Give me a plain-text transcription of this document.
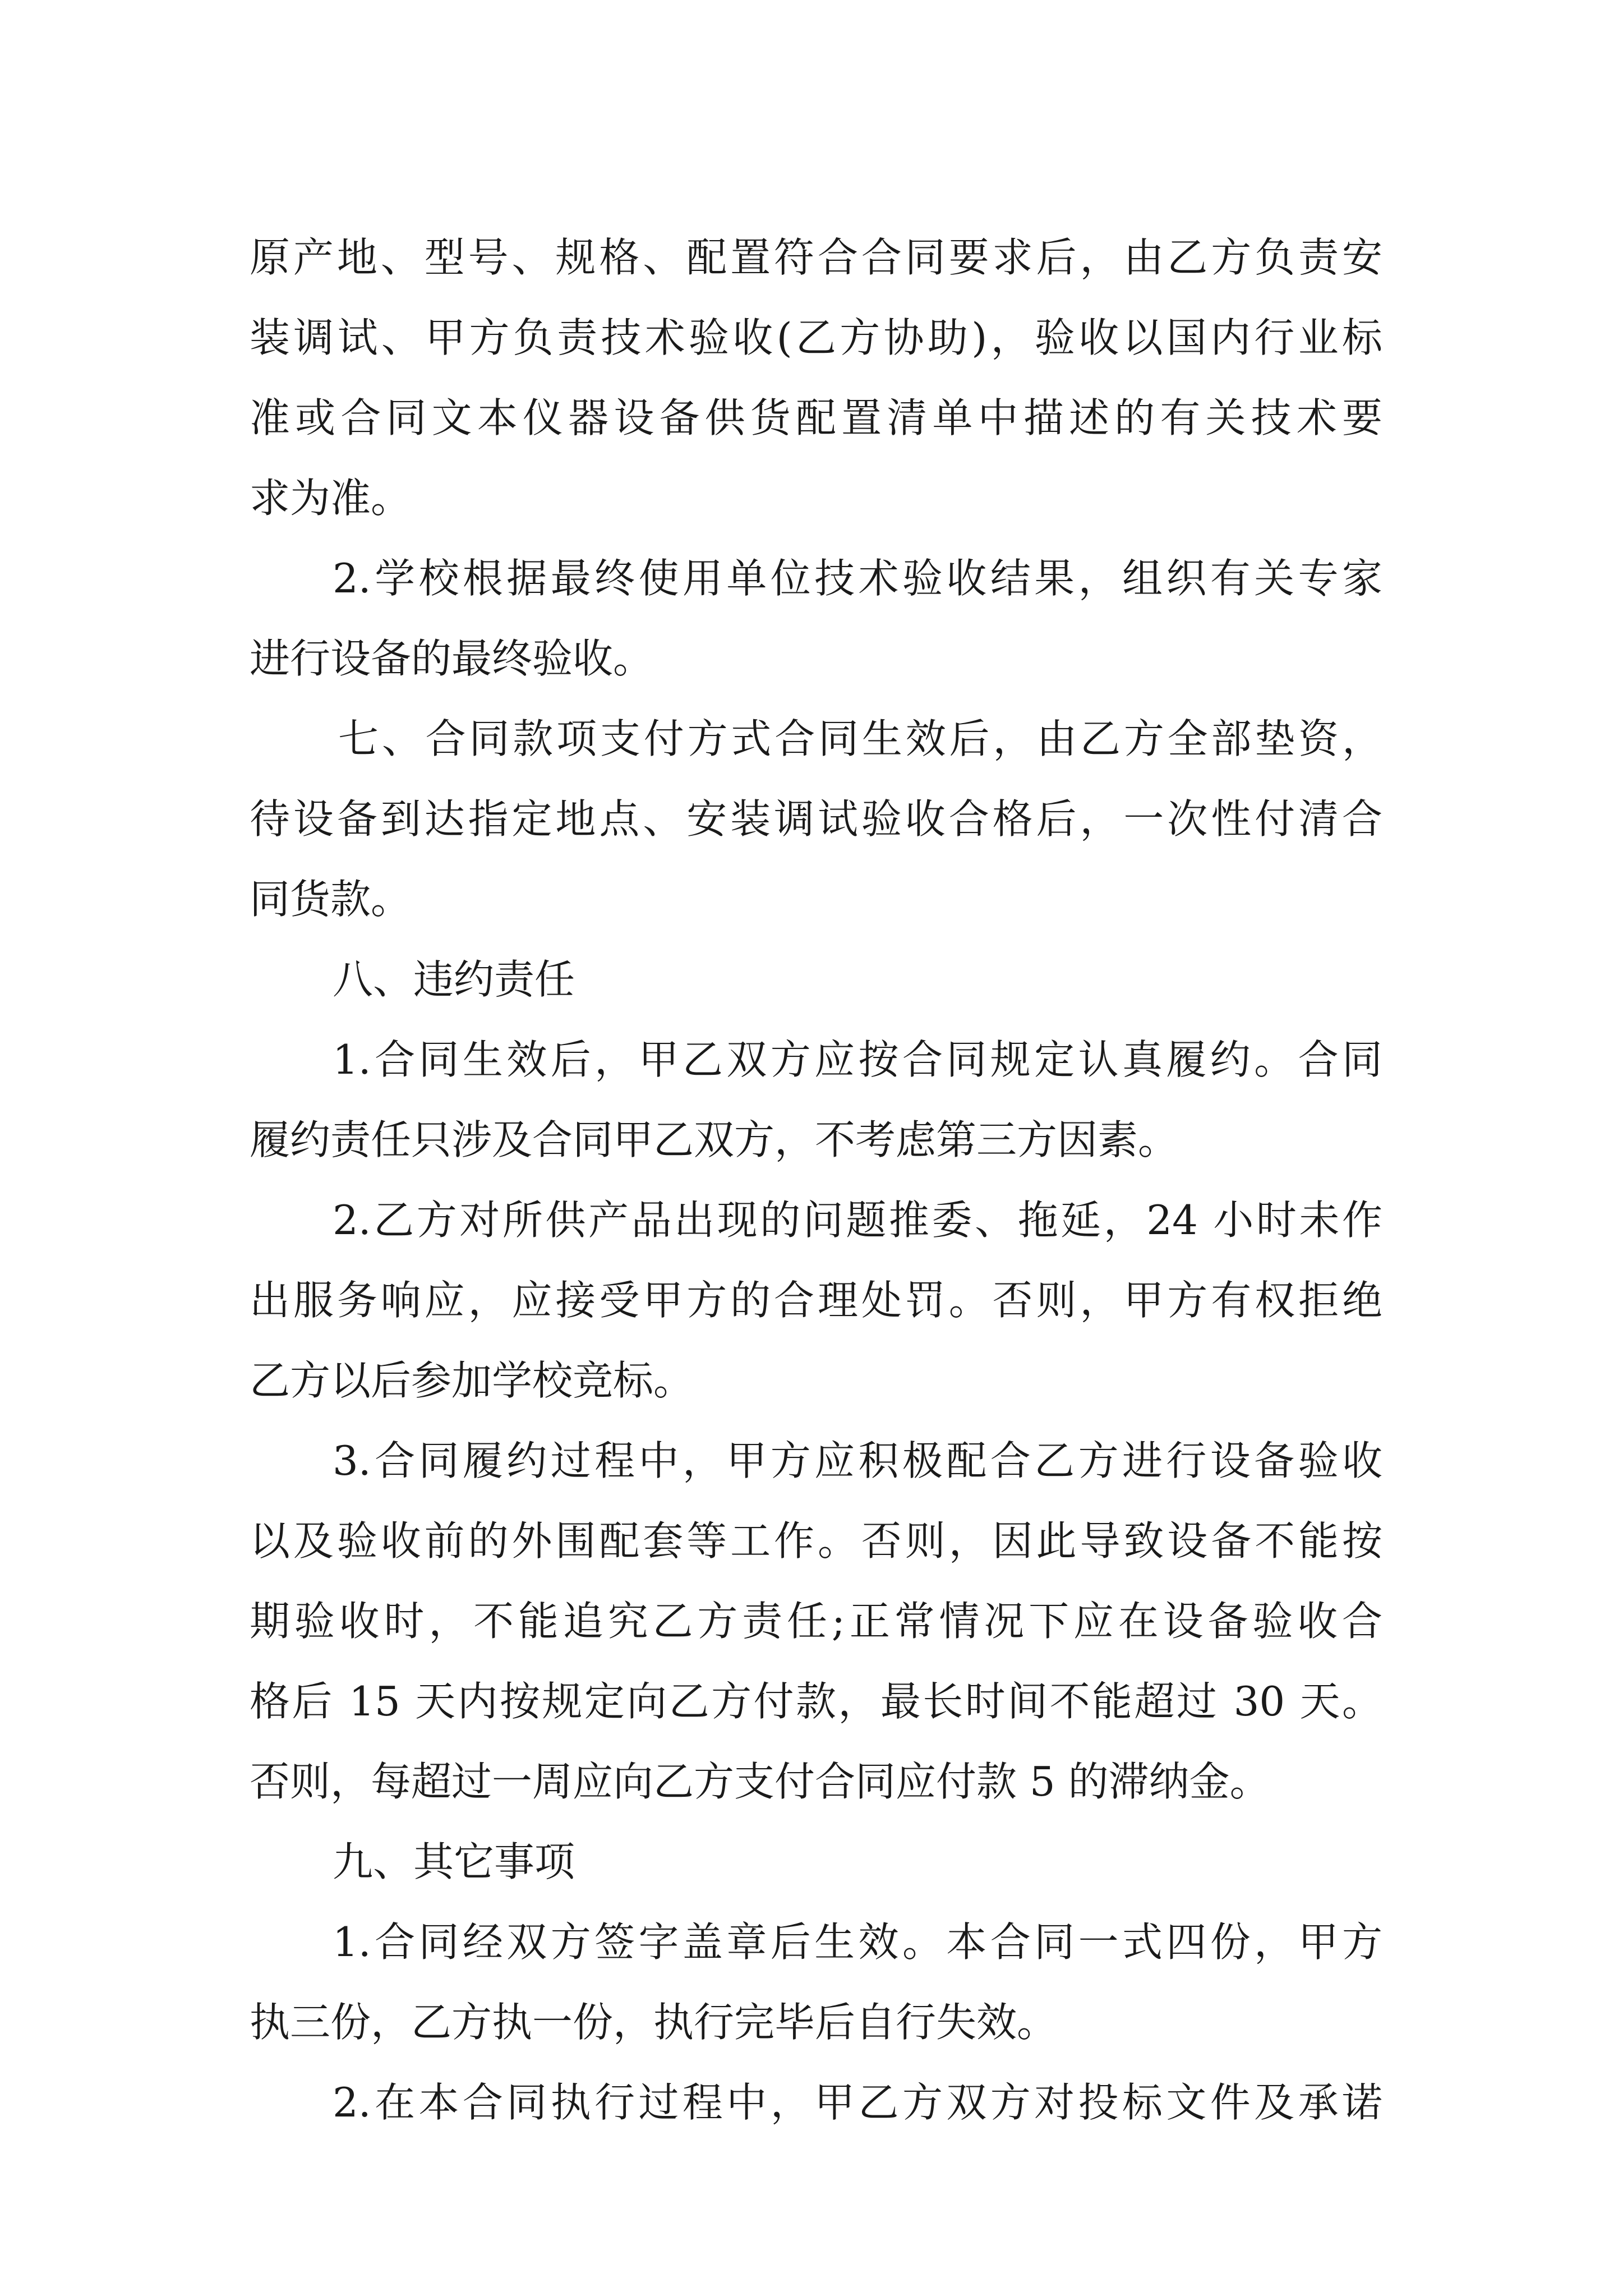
原产地、型号、规格、配置符合合同要求后，由乙方负责安
装调试、甲方负责技术验收(乙方协助)，验收以国内行业标
准或合同文本仪器设备供货配置清单中描述的有关技术要
求为准。
2.学校根据最终使用单位技术验收结果，组织有关专家
进行设备的最终验收。
七、合同款项支付方式合同生效后，由乙方全部垫资，
待设备到达指定地点、安装调试验收合格后，一次性付清合
同货款。
八、违约责任
1.合同生效后，甲乙双方应按合同规定认真履约。合同
履约责任只涉及合同甲乙双方，不考虑第三方因素。
2.乙方对所供产品出现的问题推委、拖延，24 小时未作
出服务响应，应接受甲方的合理处罚。否则，甲方有权拒绝
乙方以后参加学校竞标。
3.合同履约过程中，甲方应积极配合乙方进行设备验收
以及验收前的外围配套等工作。否则，因此导致设备不能按
期验收时，不能追究乙方责任;正常情况下应在设备验收合
格后 15 天内按规定向乙方付款，最长时间不能超过 30 天。
否则，每超过一周应向乙方支付合同应付款 5 的滞纳金。
九、其它事项
1.合同经双方签字盖章后生效。本合同一式四份，甲方
执三份，乙方执一份，执行完毕后自行失效。
2.在本合同执行过程中，甲乙方双方对投标文件及承诺
